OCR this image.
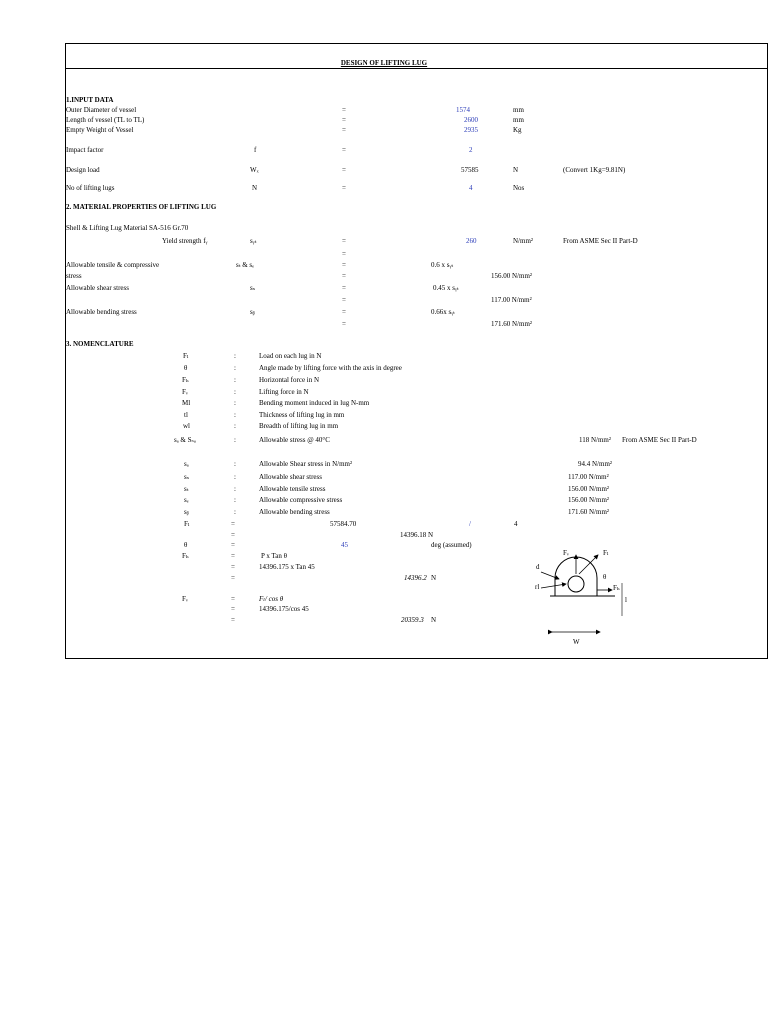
DESIGN OF LIFTING LUG
1.INPUT DATA
Outer Diameter of vessel	=	1574	mm
Length of vessel (TL to TL)	=	2600	mm
Empty Weight of Vessel	=	2935	Kg
Impact factor	f	=	2
Design load	Wₓ	=	57585	N	(Convert 1Kg=9.81N)
No of lifting lugs	N	=	4	Nos
2. MATERIAL PROPERTIES OF LIFTING LUG
Shell & Lifting Lug Material SA-516 Gr.70
Yield strength fᵧ	sᵧₜ	=	260	N/mm²	From ASME Sec II Part-D
=
Allowable tensile & compressive
stress
sₜ & sₑ	=	0.6 x sᵧₜ
=	156.00 N/mm²
Allowable shear stress	sₛ	=	0.45 x sᵧₜ
=	117.00 N/mm²
Allowable bending stress	sᵦ	=	0.66x sᵧₜ
=	171.60 N/mm²
3. NOMENCLATURE
Fₗ	:	Load on each lug in N
θ	:	Angle made by lifting force with the axis in degree
Fₕ	:	Horizontal force in N
Fᵥ	:	Lifting force in N
Ml	:	Bending moment induced in lug N-mm
tl	:	Thickness of lifting lug in mm
wl	:	Breadth of lifting lug in mm
sₐ & Sₛₐ	:	Allowable stress @ 40°C	118 N/mm² From ASME Sec II Part-D
sₐ	:	Allowable Shear stress in N/mm²	94.4 N/mm²
sₛ	:	Allowable shear stress	117.00 N/mm²
sₜ	:	Allowable tensile stress	156.00 N/mm²
sₑ	:	Allowable compressive stress	156.00 N/mm²
sᵦ	:	Allowable bending stress	171.60 N/mm²
Fₗ	=	57584.70	/	4
=	14396.18 N
θ	=	45	deg (assumed)
Fₕ	=	P x Tan θ
=	14396.175 x Tan 45
=	14396.2 N
Fᵥ	=	Fₗ/ cos θ
=	14396.175/cos 45
=	20359.3 N
Fᵥ	Fₗ
d
θ
rl	Fₕ
l
W
